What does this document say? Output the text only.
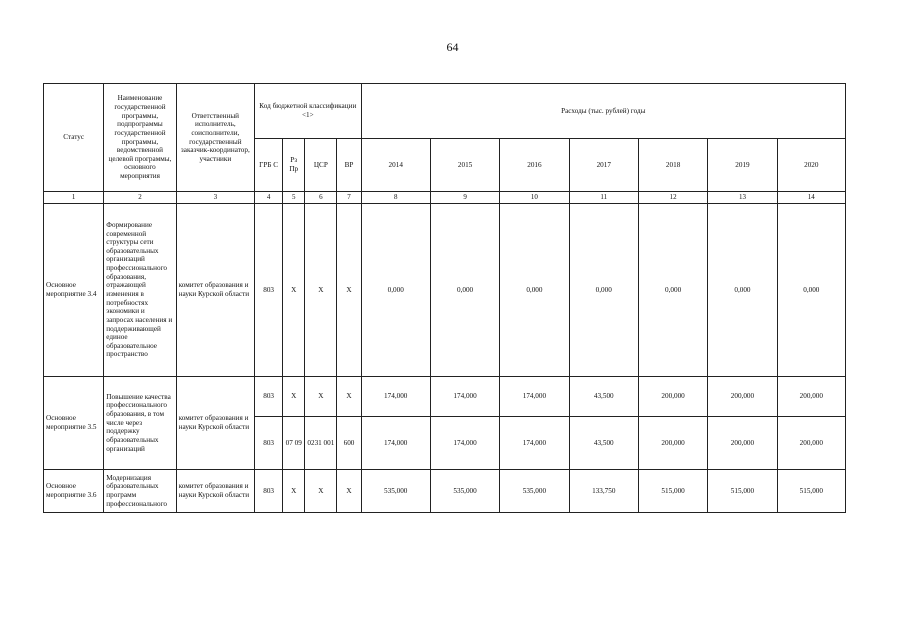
64
Статус	Наименование государственной программы, подпрограммы государственной программы, ведомственной целевой программы, основного мероприятия	Ответственный исполнитель, соисполнители, государственный заказчик-координатор, участники	Код бюджетной классификации <1>				Расходы (тыс. рублей) годы						
			ГРБ С	Рз Пр	ЦСР	ВР	2014	2015	2016	2017	2018	2019	2020
1	2	3	4	5	6	7	8	9	10	11	12	13	14
Основное мероприятие 3.4	Формирование современной структуры сети образовательных организаций профессионального образования, отражающей изменения в потребностях экономики и запросах населения и поддерживающей единое образовательное пространство	комитет образования и науки Курской области	803	X	X	X	0,000	0,000	0,000	0,000	0,000	0,000	0,000
Основное мероприятие 3.5	Повышение качества профессионального образования, в том числе через поддержку образовательных организаций	комитет образования и науки Курской области	803	X	X	X	174,000	174,000	174,000	43,500	200,000	200,000	200,000
			803	07 09	0231 001	600	174,000	174,000	174,000	43,500	200,000	200,000	200,000
Основное мероприятие 3.6	Модернизация образовательных программ профессионального	комитет образования и науки Курской области	803	X	X	X	535,000	535,000	535,000	133,750	515,000	515,000	515,000
